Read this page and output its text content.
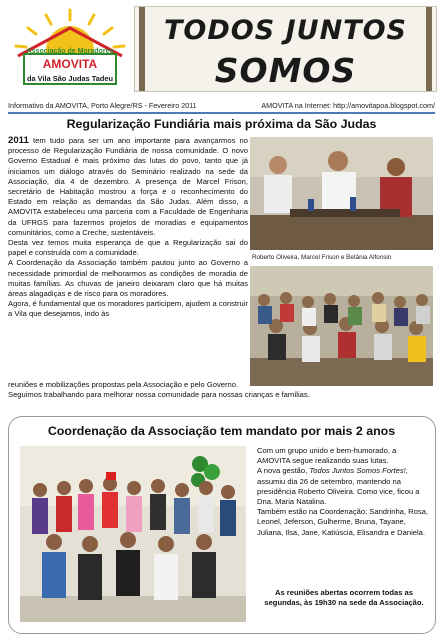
Associação de Moradores
AMOVITA
da Vila São Judas Tadeu
TODOS JUNTOS
SOMOS
Informativo da AMOVITA, Porto Alegre/RS - Fevereiro 2011	AMOVITA na Internet: http://amovitapoa.blogspot.com/
Regularização Fundiária mais próxima da São Judas

2011 tem tudo para ser um ano importante para avançarmos no processo de Regularização Fundiária de nossa comunidade. O novo Governo Estadual é mais próximo das lutas do povo, tanto que já iniciamos um diálogo através do Seminário realizado na sede da Associação, dia 4 de dezembro. A presença de Marcel Frison, secretário de Habitação mostrou a força e o reconhecimento do Estado em relação as demandas da São Judas. Além disso, a AMOVITA estabeleceu uma parceria com a Faculdade de Engenharia da UFRGS para fazermos projetos de moradias e equipamentos comunitários, como a Creche, sustentáveis.

Desta vez temos muita esperança de que a Regularização sai do papel e construída com a comunidade.

A Coordenação da Associação também pautou junto ao Governo a necessidade primordial de melhorarmos as condições de moradia de muitas famílias. As chuvas de janeiro deixaram claro que há muitas áreas alagadiças e de risco para os moradores.

Agora, é fundamental que os moradores participem, ajudem a construir a Vila que desejamos, indo às

reuniões e mobilizações propostas pela Associação e pelo Governo.

Seguimos trabalhando para melhorar nossa comunidade para nossas crianças e famílias.

Roberto Oliveira, Marcel Frison e Betânia Alfonsin
Coordenação da Associação tem mandato por mais 2 anos

Com um grupo unido e bem-humorado, a AMOVITA segue realizando suas lutas.

A nova gestão, Todos Juntos Somos Fortes!, assumiu dia 26 de setembro, mantendo na presidência Roberto Oliveira. Como vice, ficou a Dna. Maria Natalina.

Também estão na Coordenação: Sandrinha, Rosa, Leonel, Jeferson, Gulherme, Bruna, Tayane, Juliana, Ilsa, Jane, Katiúscia, Elisandra e Daniela.

As reuniões abertas ocorrem todas as segundas, às 19h30 na sede da Associação.
